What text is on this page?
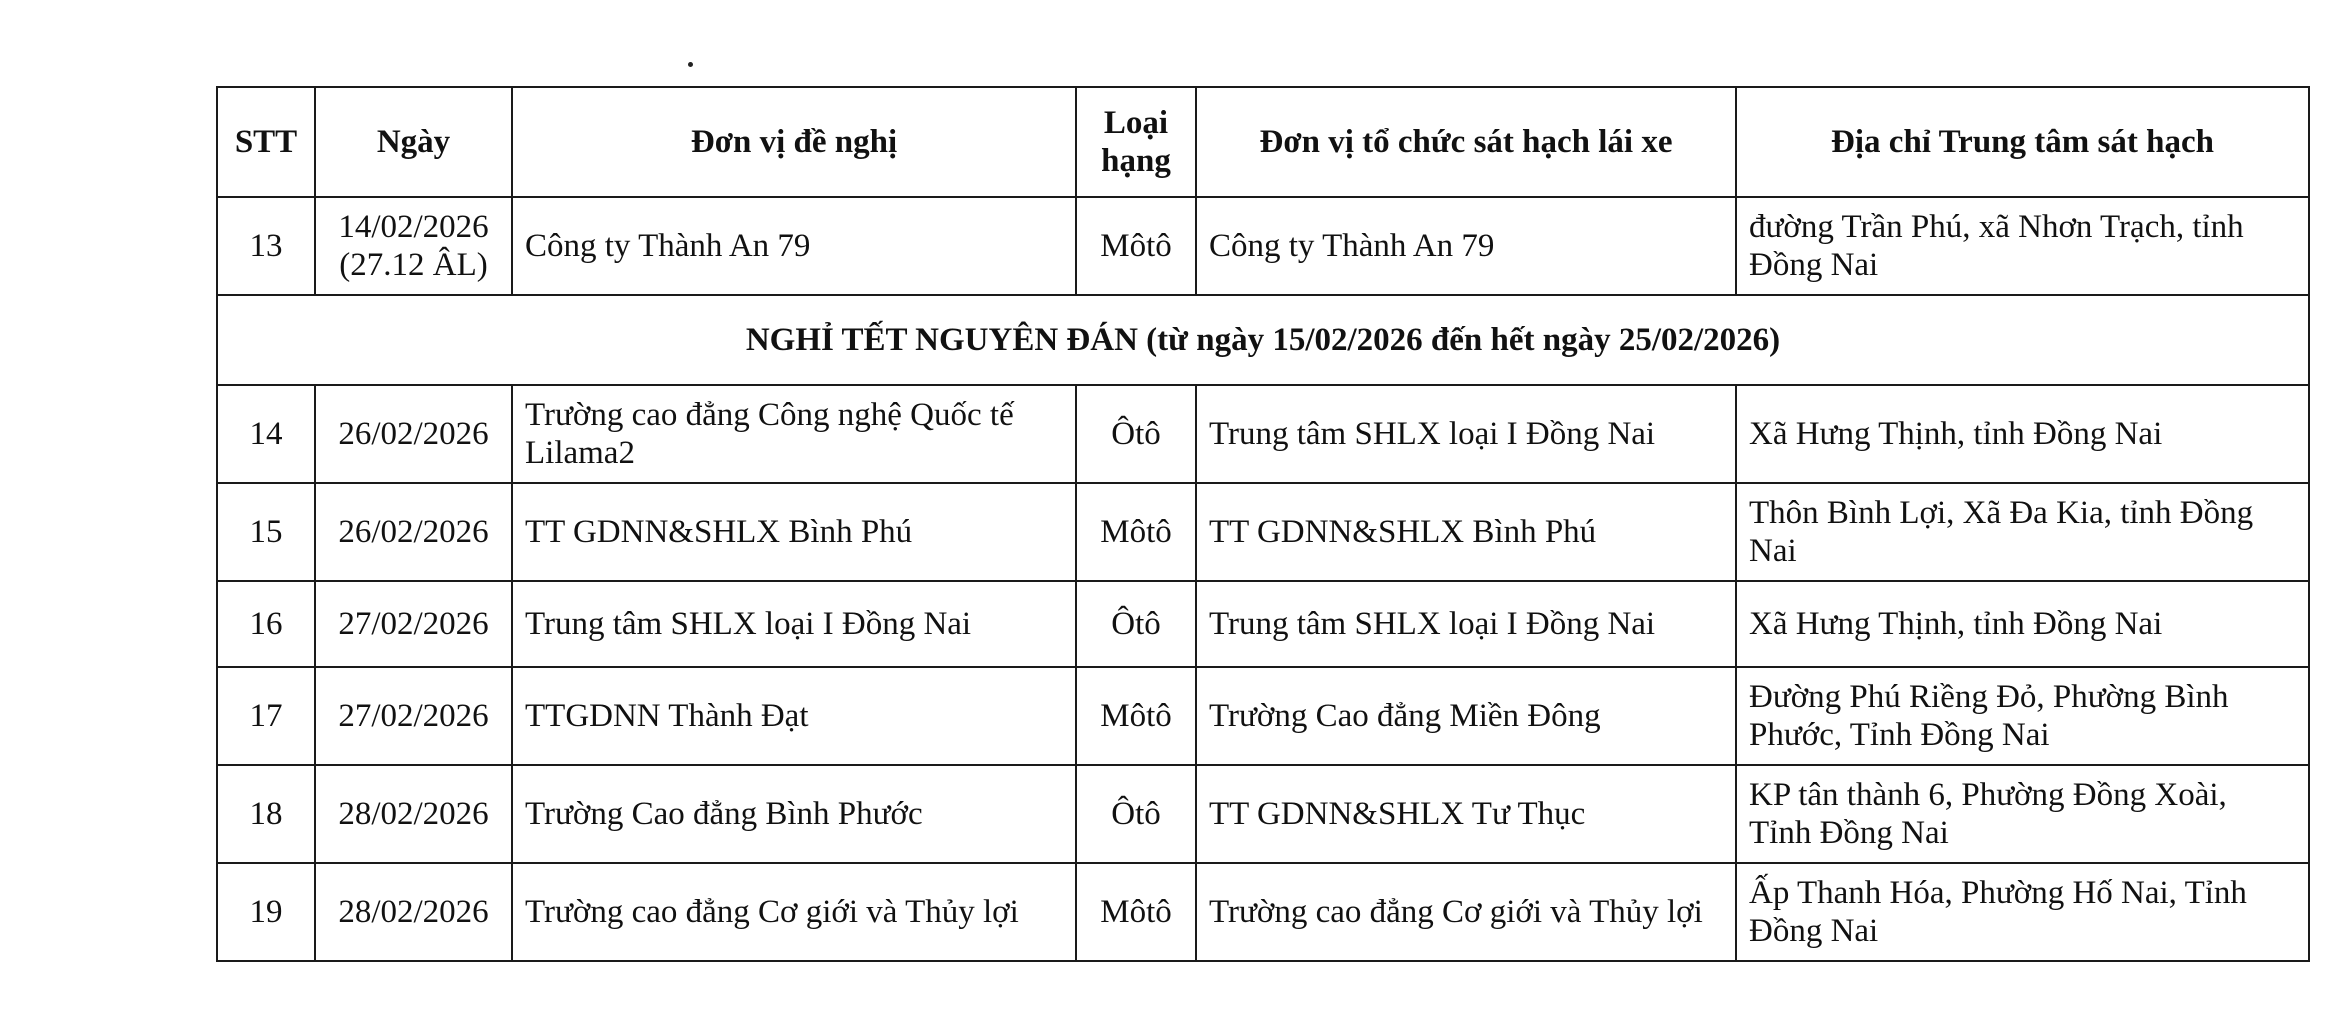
STT	Ngày	Đơn vị đề nghị	Loại hạng	Đơn vị tổ chức sát hạch lái xe	Địa chỉ Trung tâm sát hạch
13	14/02/2026 (27.12 ÂL)	Công ty Thành An 79	Môtô	Công ty Thành An 79	đường Trần Phú, xã Nhơn Trạch, tỉnh Đồng Nai
NGHỈ TẾT NGUYÊN ĐÁN (từ ngày 15/02/2026 đến hết ngày 25/02/2026)					
14	26/02/2026	Trường cao đẳng Công nghệ Quốc tế Lilama2	Ôtô	Trung tâm SHLX loại I Đồng Nai	Xã Hưng Thịnh, tỉnh Đồng Nai
15	26/02/2026	TT GDNN&SHLX Bình Phú	Môtô	TT GDNN&SHLX Bình Phú	Thôn Bình Lợi, Xã Đa Kia, tỉnh Đồng Nai
16	27/02/2026	Trung tâm SHLX loại I Đồng Nai	Ôtô	Trung tâm SHLX loại I Đồng Nai	Xã Hưng Thịnh, tỉnh Đồng Nai
17	27/02/2026	TTGDNN Thành Đạt	Môtô	Trường Cao đẳng Miền Đông	Đường Phú Riềng Đỏ, Phường Bình Phước, Tỉnh Đồng Nai
18	28/02/2026	Trường Cao đẳng Bình Phước	Ôtô	TT GDNN&SHLX Tư Thục	KP tân thành 6, Phường Đồng Xoài, Tỉnh Đồng Nai
19	28/02/2026	Trường cao đẳng Cơ giới và Thủy lợi	Môtô	Trường cao đẳng Cơ giới và Thủy lợi	Ấp Thanh Hóa, Phường Hố Nai, Tỉnh Đồng Nai
